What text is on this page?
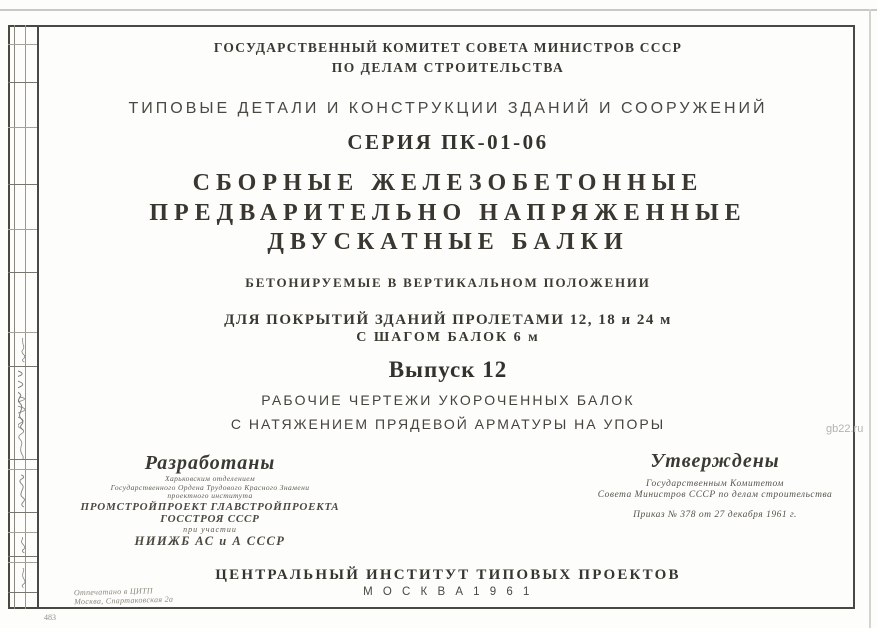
ГОСУДАРСТВЕННЫЙ КОМИТЕТ СОВЕТА МИНИСТРОВ СССР
ПО ДЕЛАМ СТРОИТЕЛЬСТВА
ТИПОВЫЕ ДЕТАЛИ И КОНСТРУКЦИИ ЗДАНИЙ И СООРУЖЕНИЙ
СЕРИЯ ПК-01-06
СБОРНЫЕ ЖЕЛЕЗОБЕТОННЫЕ
ПРЕДВАРИТЕЛЬНО НАПРЯЖЕННЫЕ
ДВУСКАТНЫЕ БАЛКИ
БЕТОНИРУЕМЫЕ В ВЕРТИКАЛЬНОМ ПОЛОЖЕНИИ
ДЛЯ ПОКРЫТИЙ ЗДАНИЙ ПРОЛЕТАМИ 12, 18 и 24 м
С ШАГОМ БАЛОК 6 м
Выпуск 12
РАБОЧИЕ ЧЕРТЕЖИ УКОРОЧЕННЫХ БАЛОК
С НАТЯЖЕНИЕМ ПРЯДЕВОЙ АРМАТУРЫ НА УПОРЫ
Разработаны
Харьковским отделением
Государственного Ордена Трудового Красного Знамени
проектного института
ПРОМСТРОЙПРОЕКТ ГЛАВСТРОЙПРОЕКТА
ГОССТРОЯ СССР
при участии
НИИЖБ АС и А СССР
Утверждены
Государственным Комитетом
Совета Министров СССР по делам строительства
Приказ № 378 от 27 декабря 1961 г.
ЦЕНТРАЛЬНЫЙ ИНСТИТУТ ТИПОВЫХ ПРОЕКТОВ
М О С К В А 1 9 6 1
Отпечатано в ЦИТП
Москва, Спартаковская 2а
483
gb22.ru
